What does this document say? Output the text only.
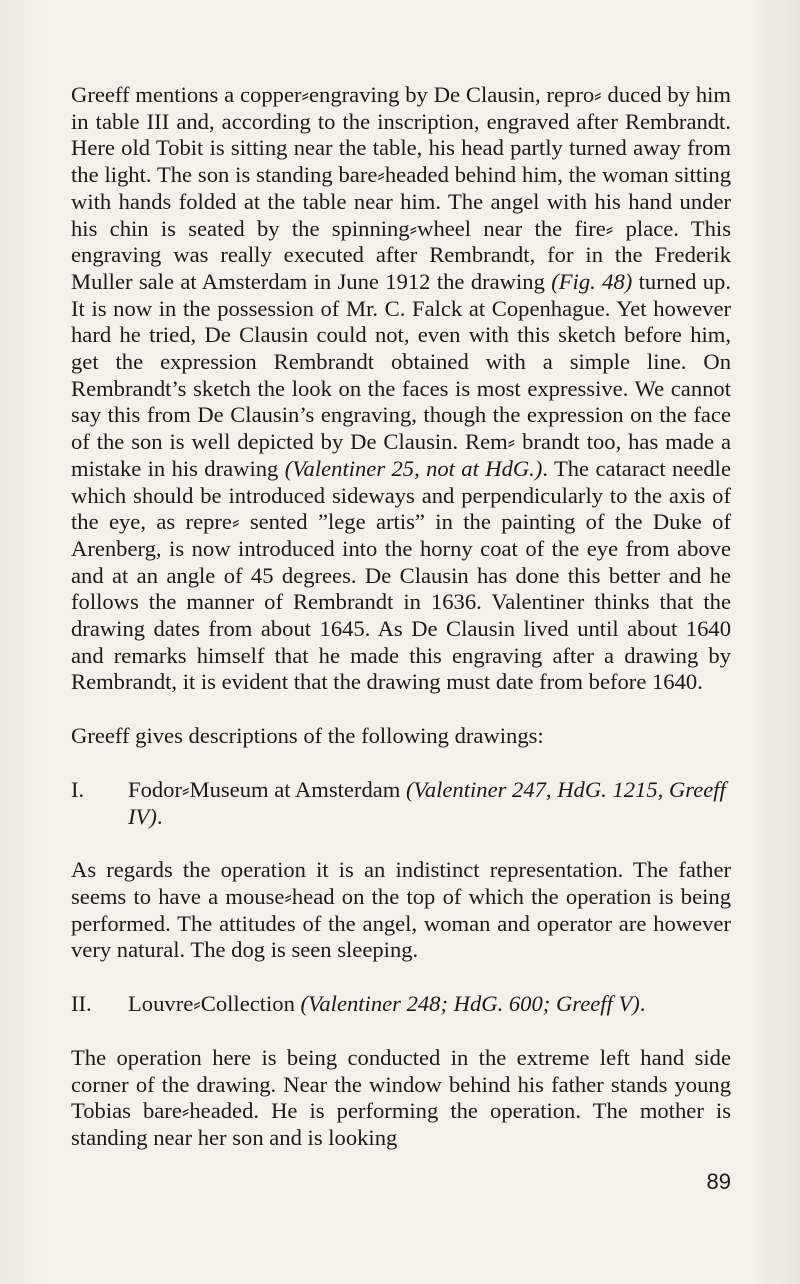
Greeff mentions a copper⸗engraving by De Clausin, repro⸗ duced by him in table III and, according to the inscription, engraved after Rembrandt. Here old Tobit is sitting near the table, his head partly turned away from the light. The son is standing bare⸗headed behind him, the woman sitting with hands folded at the table near him. The angel with his hand under his chin is seated by the spinning⸗wheel near the fire⸗ place. This engraving was really executed after Rembrandt, for in the Frederik Muller sale at Amsterdam in June 1912 the drawing (Fig. 48) turned up. It is now in the possession of Mr. C. Falck at Copenhague. Yet however hard he tried, De Clausin could not, even with this sketch before him, get the expression Rembrandt obtained with a simple line. On Rembrandt’s sketch the look on the faces is most expressive. We cannot say this from De Clausin’s engraving, though the expression on the face of the son is well depicted by De Clausin. Rem⸗ brandt too, has made a mistake in his drawing (Valentiner 25, not at HdG.). The cataract needle which should be introduced sideways and perpendicularly to the axis of the eye, as repre⸗ sented ”lege artis” in the painting of the Duke of Arenberg, is now introduced into the horny coat of the eye from above and at an angle of 45 degrees. De Clausin has done this better and he follows the manner of Rembrandt in 1636. Valentiner thinks that the drawing dates from about 1645. As De Clausin lived until about 1640 and remarks himself that he made this engraving after a drawing by Rembrandt, it is evident that the drawing must date from before 1640.

Greeff gives descriptions of the following drawings:

I.	Fodor⸗Museum at Amsterdam (Valentiner 247, HdG. 1215, Greeff IV).

As regards the operation it is an indistinct representation. The father seems to have a mouse⸗head on the top of which the operation is being performed. The attitudes of the angel, woman and operator are however very natural. The dog is seen sleeping.

II.	Louvre⸗Collection (Valentiner 248; HdG. 600; Greeff V).

The operation here is being conducted in the extreme left hand side corner of the drawing. Near the window behind his father stands young Tobias bare⸗headed. He is performing the operation. The mother is standing near her son and is looking

89
